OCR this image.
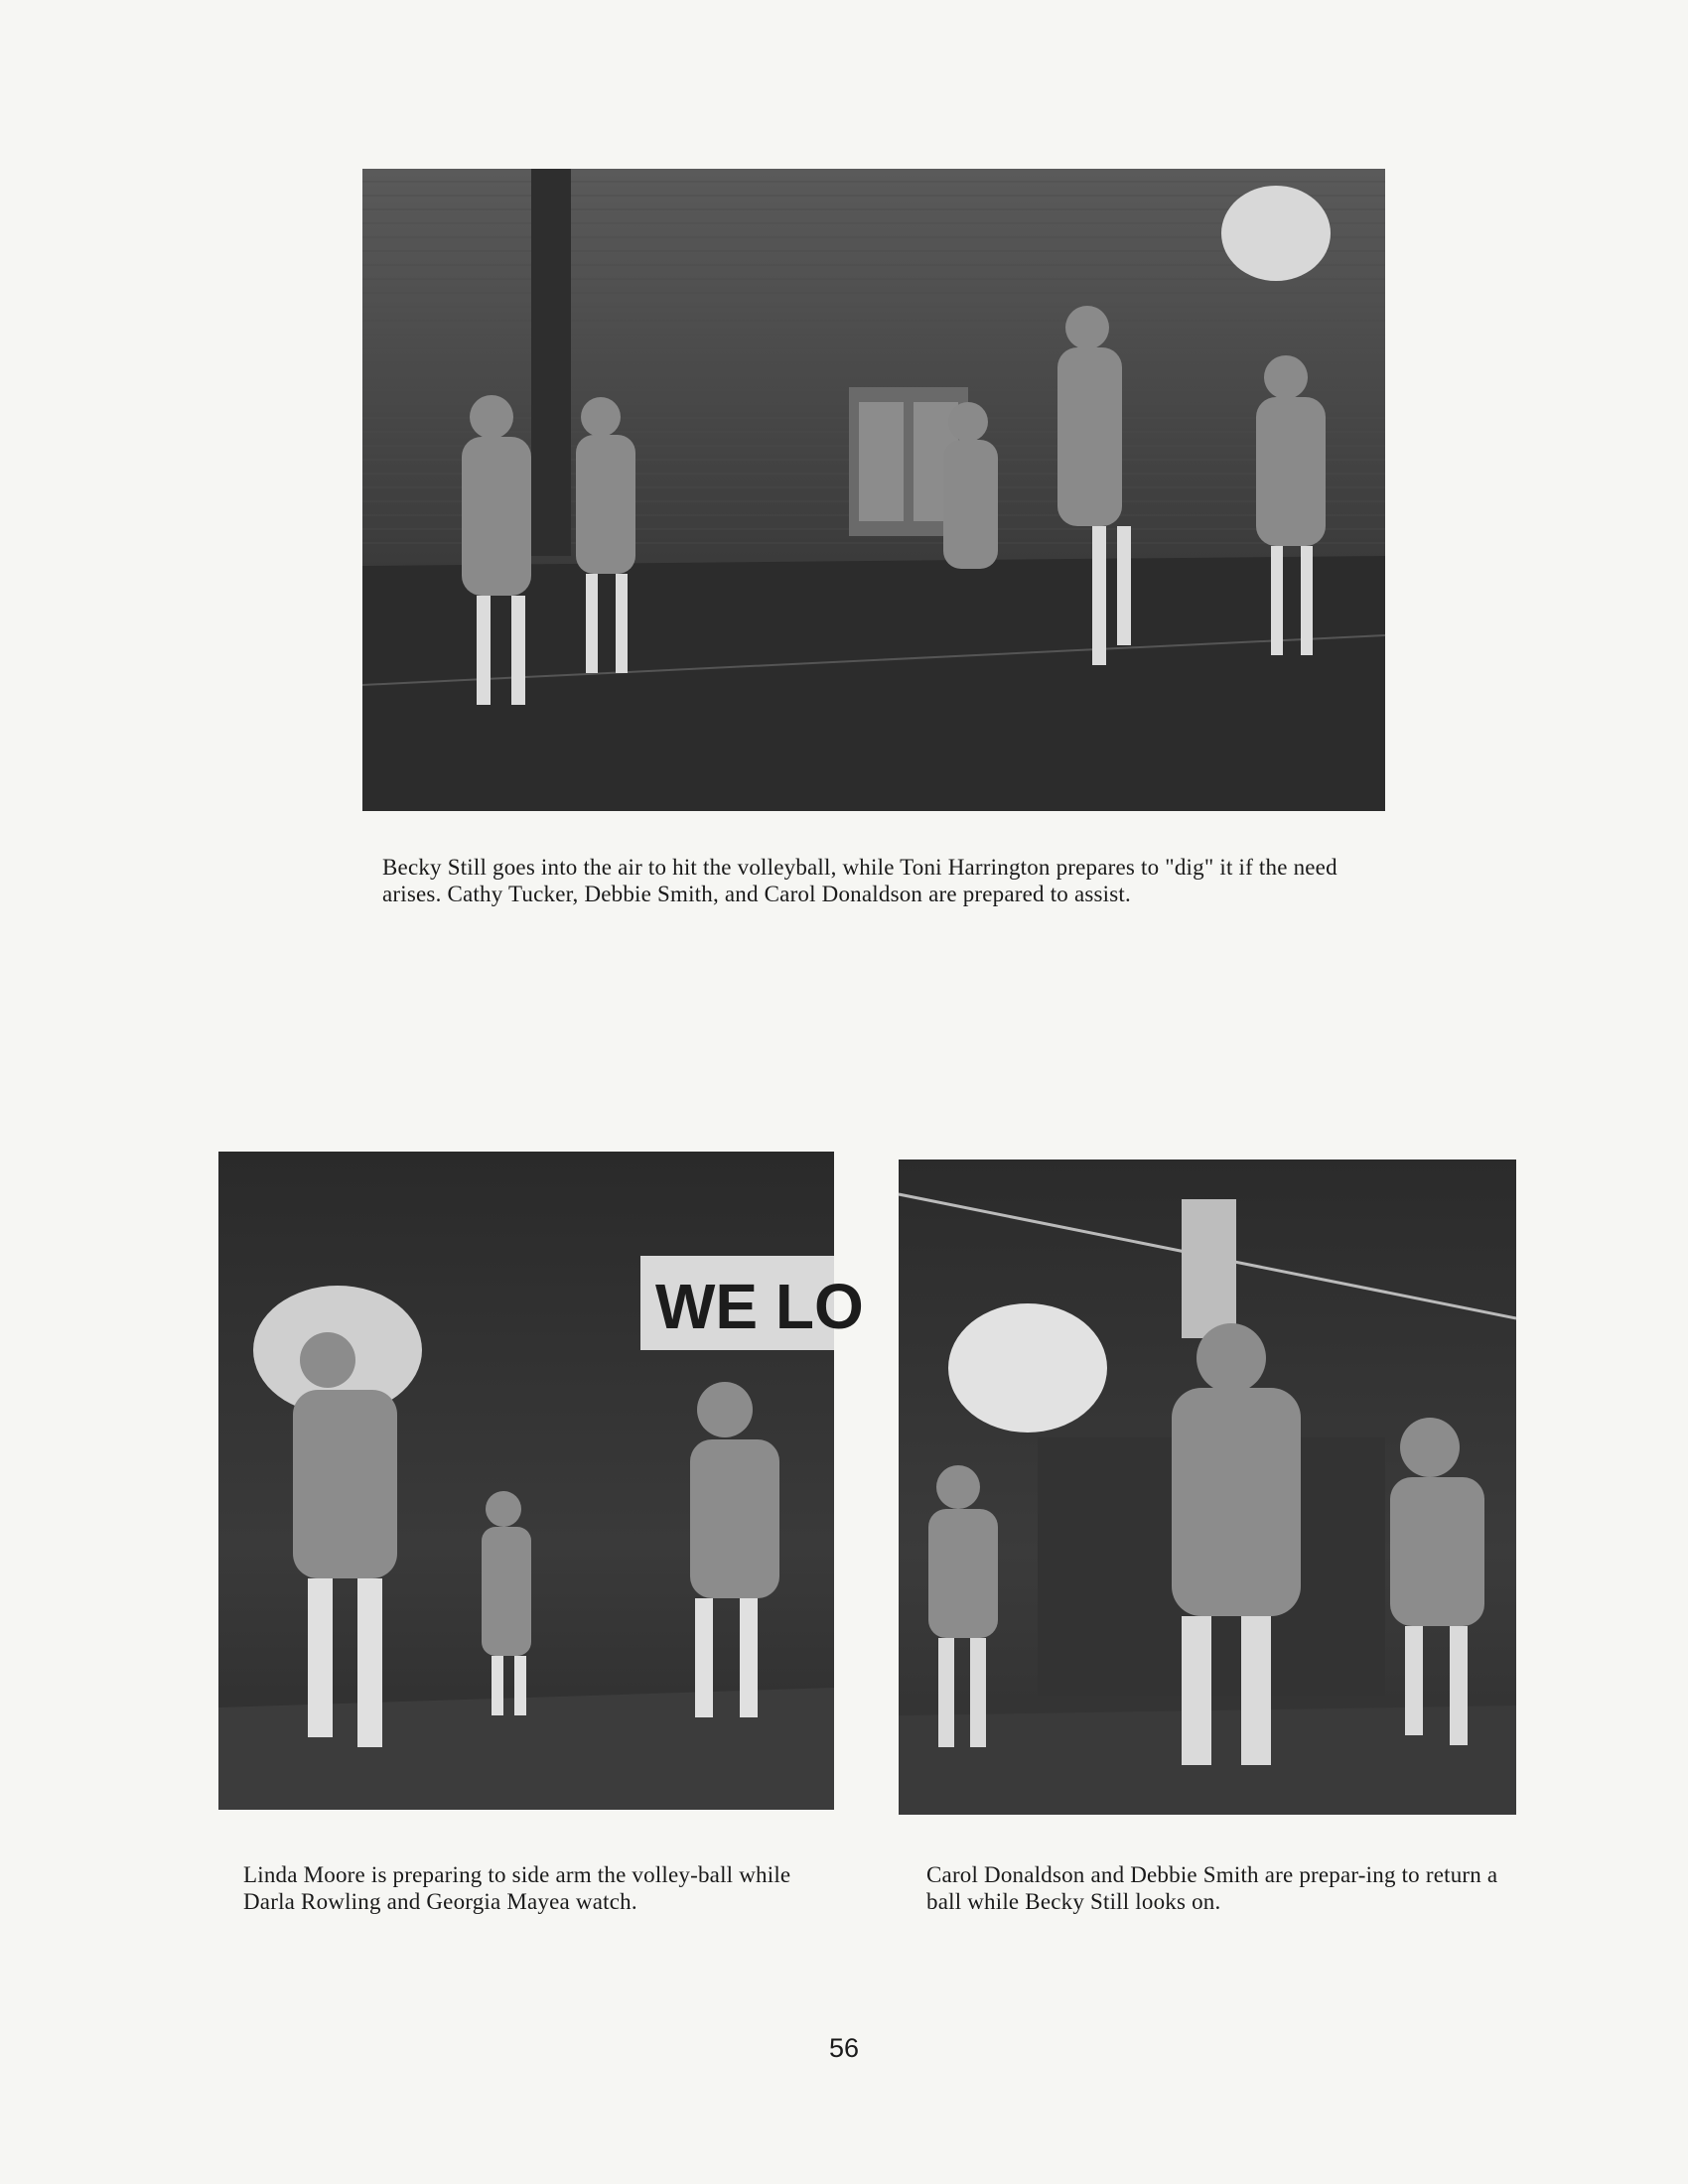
Becky Still goes into the air to hit the volleyball, while Toni Harrington prepares to "dig" it if the need arises. Cathy Tucker, Debbie Smith, and Carol Donaldson are prepared to assist.
WE LO
Linda Moore is preparing to side arm the volley-ball while Darla Rowling and Georgia Mayea watch.
Carol Donaldson and Debbie Smith are prepar-ing to return a ball while Becky Still looks on.
56
